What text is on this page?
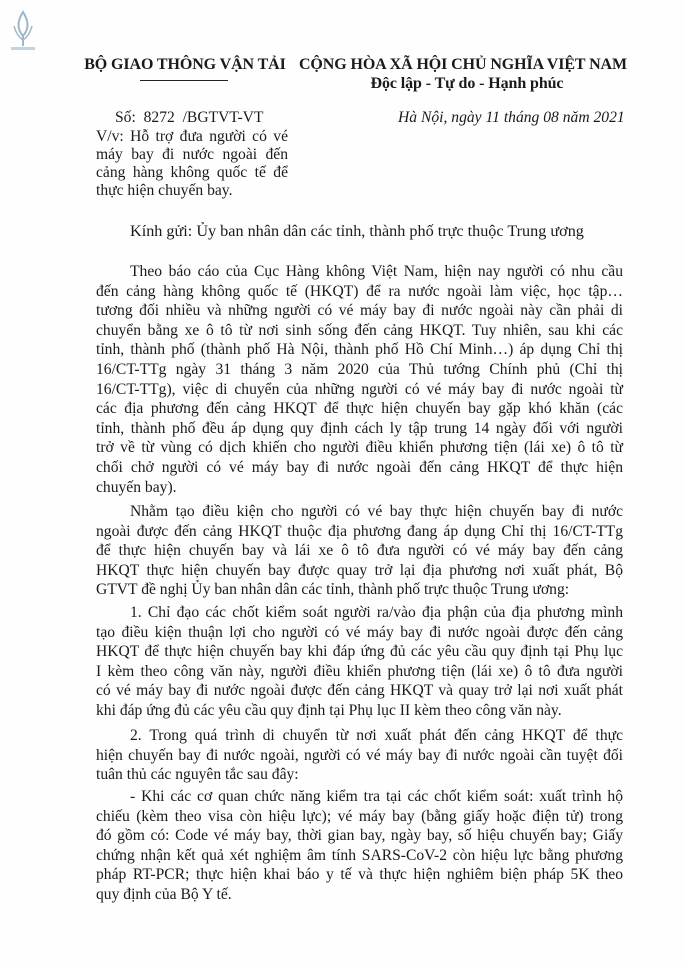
BỘ GIAO THÔNG VẬN TẢI CỘNG HÒA XÃ HỘI CHỦ NGHĨA VIỆT NAM
Độc lập - Tự do - Hạnh phúc
Số: 8272 /BGTVT-VT	Hà Nội, ngày 11 tháng 08 năm 2021
V/v: Hỗ trợ đưa người có vé
máy bay đi nước ngoài đến
cảng hàng không quốc tế để
thực hiện chuyến bay.
Kính gửi: Ủy ban nhân dân các tỉnh, thành phố trực thuộc Trung ương
Theo báo cáo của Cục Hàng không Việt Nam, hiện nay người có nhu cầu
đến cảng hàng không quốc tế (HKQT) để ra nước ngoài làm việc, học tập…
tương đối nhiều và những người có vé máy bay đi nước ngoài này cần phải di
chuyển bằng xe ô tô từ nơi sinh sống đến cảng HKQT. Tuy nhiên, sau khi các
tỉnh, thành phố (thành phố Hà Nội, thành phố Hồ Chí Minh…) áp dụng Chỉ thị
16/CT-TTg ngày 31 tháng 3 năm 2020 của Thủ tướng Chính phủ (Chỉ thị
16/CT-TTg), việc di chuyển của những người có vé máy bay đi nước ngoài từ
các địa phương đến cảng HKQT để thực hiện chuyến bay gặp khó khăn (các
tỉnh, thành phố đều áp dụng quy định cách ly tập trung 14 ngày đối với người
trở về từ vùng có dịch khiến cho người điều khiển phương tiện (lái xe) ô tô từ
chối chở người có vé máy bay đi nước ngoài đến cảng HKQT để thực hiện
chuyến bay).
Nhằm tạo điều kiện cho người có vé bay thực hiện chuyến bay đi nước
ngoài được đến cảng HKQT thuộc địa phương đang áp dụng Chỉ thị 16/CT-TTg
để thực hiện chuyến bay và lái xe ô tô đưa người có vé máy bay đến cảng
HKQT thực hiện chuyến bay được quay trở lại địa phương nơi xuất phát, Bộ
GTVT đề nghị Ủy ban nhân dân các tỉnh, thành phố trực thuộc Trung ương:
1. Chỉ đạo các chốt kiểm soát người ra/vào địa phận của địa phương mình
tạo điều kiện thuận lợi cho người có vé máy bay đi nước ngoài được đến cảng
HKQT để thực hiện chuyến bay khi đáp ứng đủ các yêu cầu quy định tại Phụ lục
I kèm theo công văn này, người điều khiển phương tiện (lái xe) ô tô đưa người
có vé máy bay đi nước ngoài được đến cảng HKQT và quay trở lại nơi xuất phát
khi đáp ứng đủ các yêu cầu quy định tại Phụ lục II kèm theo công văn này.
2. Trong quá trình di chuyển từ nơi xuất phát đến cảng HKQT để thực
hiện chuyến bay đi nước ngoài, người có vé máy bay đi nước ngoài cần tuyệt đối
tuân thủ các nguyên tắc sau đây:
- Khi các cơ quan chức năng kiểm tra tại các chốt kiểm soát: xuất trình hộ
chiếu (kèm theo visa còn hiệu lực); vé máy bay (bằng giấy hoặc điện tử) trong
đó gồm có: Code vé máy bay, thời gian bay, ngày bay, số hiệu chuyến bay; Giấy
chứng nhận kết quả xét nghiệm âm tính SARS-CoV-2 còn hiệu lực bằng phương
pháp RT-PCR; thực hiện khai báo y tế và thực hiện nghiêm biện pháp 5K theo
quy định của Bộ Y tế.
